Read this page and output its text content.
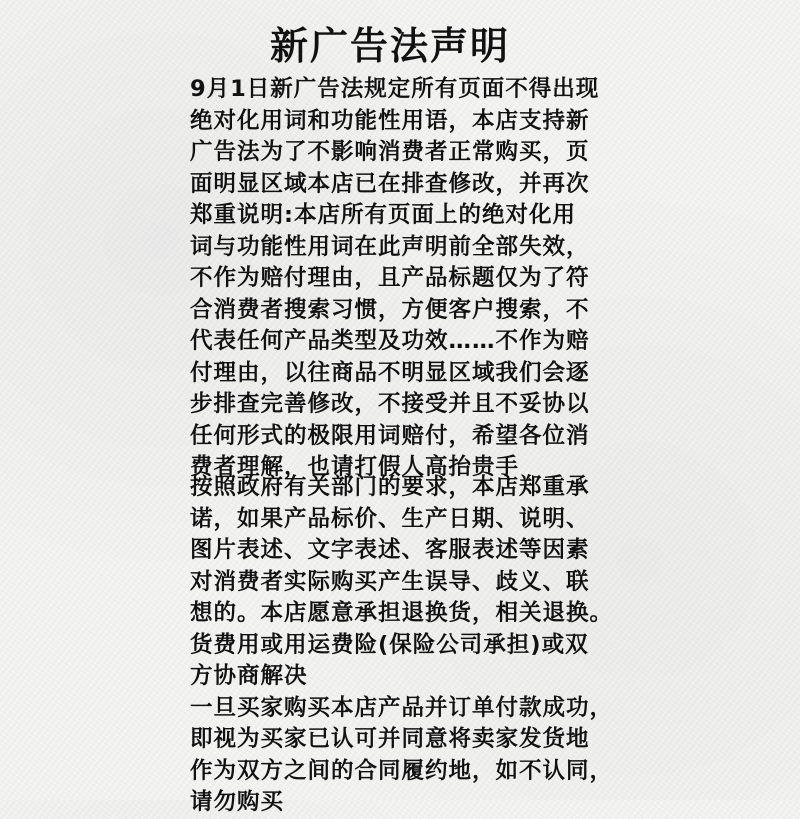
新广告法声明
9月1日新广告法规定所有页面不得出现
绝对化用词和功能性用语，本店支持新
广告法为了不影响消费者正常购买，页
面明显区域本店已在排查修改，并再次
郑重说明:本店所有页面上的绝对化用
词与功能性用词在此声明前全部失效，
不作为赔付理由，且产品标题仅为了符
合消费者搜索习惯，方便客户搜索，不
代表任何产品类型及功效……不作为赔
付理由，以往商品不明显区域我们会逐
步排查完善修改，不接受并且不妥协以
任何形式的极限用词赔付，希望各位消
费者理解，也请打假人高抬贵手
按照政府有关部门的要求，本店郑重承
诺，如果产品标价、生产日期、说明、
图片表述、文字表述、客服表述等因素
对消费者实际购买产生误导、歧义、联
想的。本店愿意承担退换货，相关退换。
货费用或用运费险(保险公司承担)或双
方协商解决
一旦买家购买本店产品并订单付款成功，
即视为买家已认可并同意将卖家发货地
作为双方之间的合同履约地，如不认同，
请勿购买
